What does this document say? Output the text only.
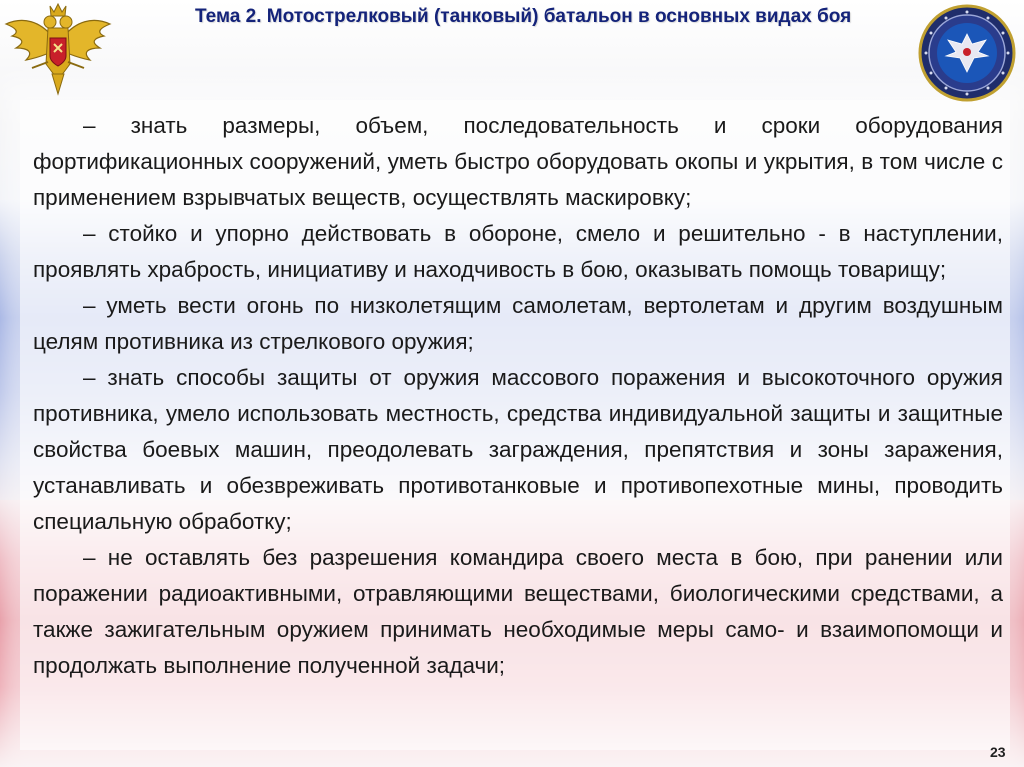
Тема 2. Мотострелковый (танковый) батальон в основных видах боя

– знать размеры, объем, последовательность и сроки оборудования фортификационных сооружений, уметь быстро оборудовать окопы и укрытия, в том числе с применением взрывчатых веществ, осуществлять маскировку;

– стойко и упорно действовать в обороне, смело и решительно - в наступлении, проявлять храбрость, инициативу и находчивость в бою, оказывать помощь товарищу;

– уметь вести огонь по низколетящим самолетам, вертолетам и другим воздушным целям противника из стрелкового оружия;

– знать способы защиты от оружия массового поражения и высокоточного оружия противника, умело использовать местность, средства индивидуальной защиты и защитные свойства боевых машин, преодолевать заграждения, препятствия и зоны заражения, устанавливать и обезвреживать противотанковые и противопехотные мины, проводить специальную обработку;

– не оставлять без разрешения командира своего места в бою, при ранении или поражении радиоактивными, отравляющими веществами, биологическими средствами, а также зажигательным оружием принимать необходимые меры само- и взаимопомощи и продолжать выполнение полученной задачи;

23
